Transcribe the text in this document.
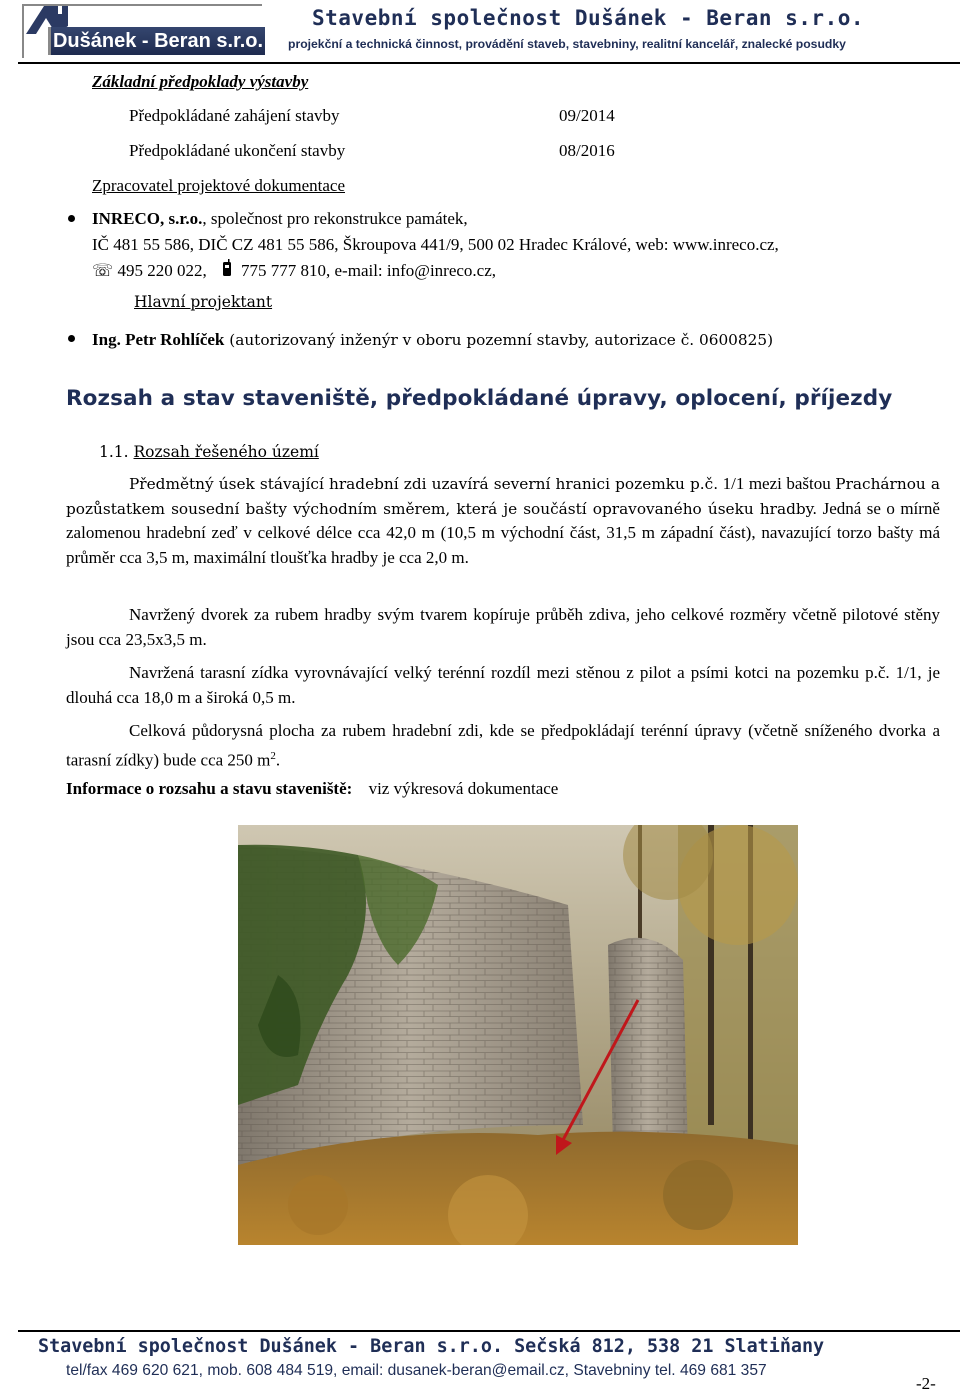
Dušánek - Beran s.r.o.
Stavební společnost Dušánek - Beran s.r.o.
projekční a technická činnost, provádění staveb, stavebniny, realitní kancelář, znalecké posudky
Základní předpoklady výstavby
Předpokládané zahájení stavby	09/2014
Předpokládané ukončení stavby	08/2016
Zpracovatel projektové dokumentace
INRECO, s.r.o., společnost pro rekonstrukce památek,
IČ 481 55 586, DIČ CZ 481 55 586, Škroupova 441/9, 500 02 Hradec Králové, web: www.inreco.cz,
☏ 495 220 022, 775 777 810, e-mail: info@inreco.cz,
Hlavní projektant
Ing. Petr Rohlíček (autorizovaný inženýr v oboru pozemní stavby, autorizace č. 0600825)
Rozsah a stav staveniště, předpokládané úpravy, oplocení, příjezdy
1.1. Rozsah řešeného území

Předmětný úsek stávající hradební zdi uzavírá severní hranici pozemku p.č. 1/1 mezi baštou Prachárnou a pozůstatkem sousední bašty východním směrem, která je součástí opravovaného úseku hradby. Jedná se o mírně zalomenou hradební zeď v celkové délce cca 42,0 m (10,5 m východní část, 31,5 m západní část), navazující torzo bašty má průměr cca 3,5 m, maximální tloušťka hradby je cca 2,0 m.

Navržený dvorek za rubem hradby svým tvarem kopíruje průběh zdiva, jeho celkové rozměry včetně pilotové stěny jsou cca 23,5x3,5 m.

Navržená tarasní zídka vyrovnávající velký terénní rozdíl mezi stěnou z pilot a psími kotci na pozemku p.č. 1/1, je dlouhá cca 18,0 m a široká 0,5 m.

Celková půdorysná plocha za rubem hradební zdi, kde se předpokládají terénní úpravy (včetně sníženého dvorka a tarasní zídky) bude cca 250 $m^2$.

Informace o rozsahu a stavu staveniště: viz výkresová dokumentace
Stavební společnost Dušánek - Beran s.r.o. Sečská 812, 538 21 Slatiňany
tel/fax 469 620 621, mob. 608 484 519, email: dusanek-beran@email.cz, Stavebniny tel. 469 681 357
-2-
